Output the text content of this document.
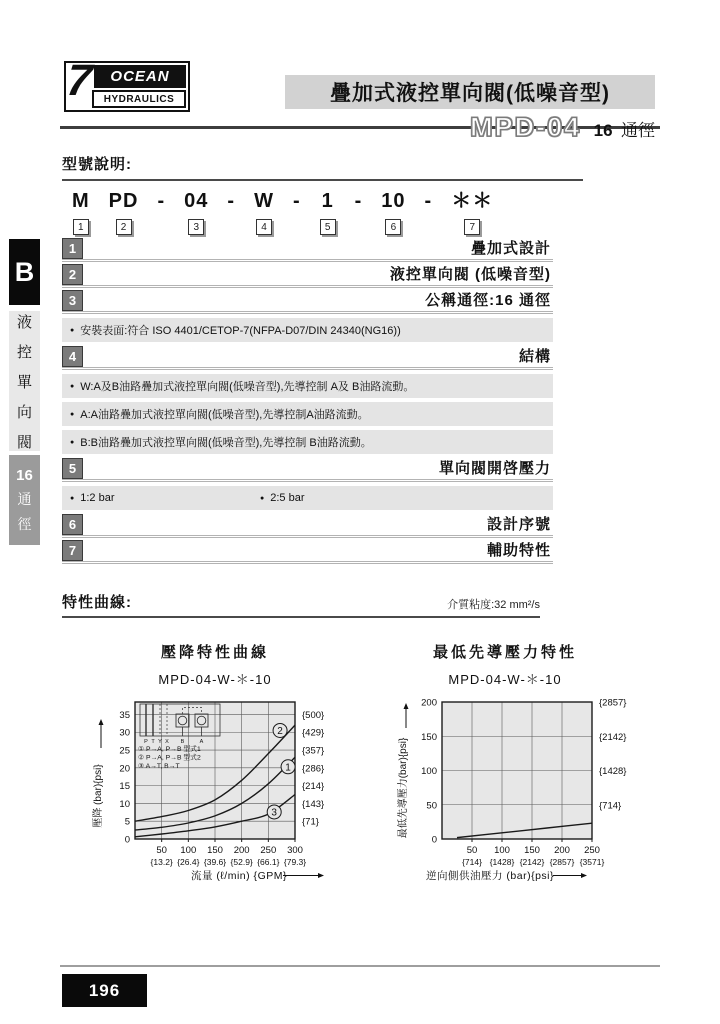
7 OCEAN
HYDRAULICS	疊加式液控單向閥(低噪音型)
MPD-04 16 通徑
B
液
控
單
向
閥
16
通
徑
型號說明:
M
1
PD
2
- 04
3
- W
4
- 1
5
- 10
6
- ＊＊
7
1	疊加式設計
2	液控單向閥 (低噪音型)
3	公稱通徑:16 通徑
● 安裝表面:符合 ISO 4401/CETOP-7(NFPA-D07/DIN 24340(NG16))
4	結構
● W:A及B油路疊加式液控單向閥(低噪音型),先導控制 A及 B油路流動。
● A:A油路疊加式液控單向閥(低噪音型),先導控制A油路流動。
● B:B油路疊加式液控單向閥(低噪音型),先導控制 B油路流動。
5	單向閥開啓壓力
● 1:2 bar	● 2:5 bar
6	設計序號
7	輔助特性
特性曲線:	介質粘度:32 mm²/s
壓降特性曲線
MPD-04-W-＊-10
0
5	{71}
10	{143}
15	{214}
20	{286}
25	{357}
30	{429}
35	{500}
50
{13.2}
100
{26.4}
150
{39.6}
200
{52.9}
250
{66.1}
300
{79.3}
2
1
3
流量 (ℓ/min) {GPM}
壓降 (bar){psi}
P T Y X B	A
① P→A, P→B 型式1
② P→A, P→B 型式2
③ A→T, B→T
最低先導壓力特性
MPD-04-W-＊-10
0
50	{714}
100	{1428}
150	{2142}
200	{2857}
50
{714}
100
{1428}
150
{2142}
200
{2857}
250
{3571}
逆向側供油壓力 (bar){psi}
最低先導壓力(bar){psi}
196
